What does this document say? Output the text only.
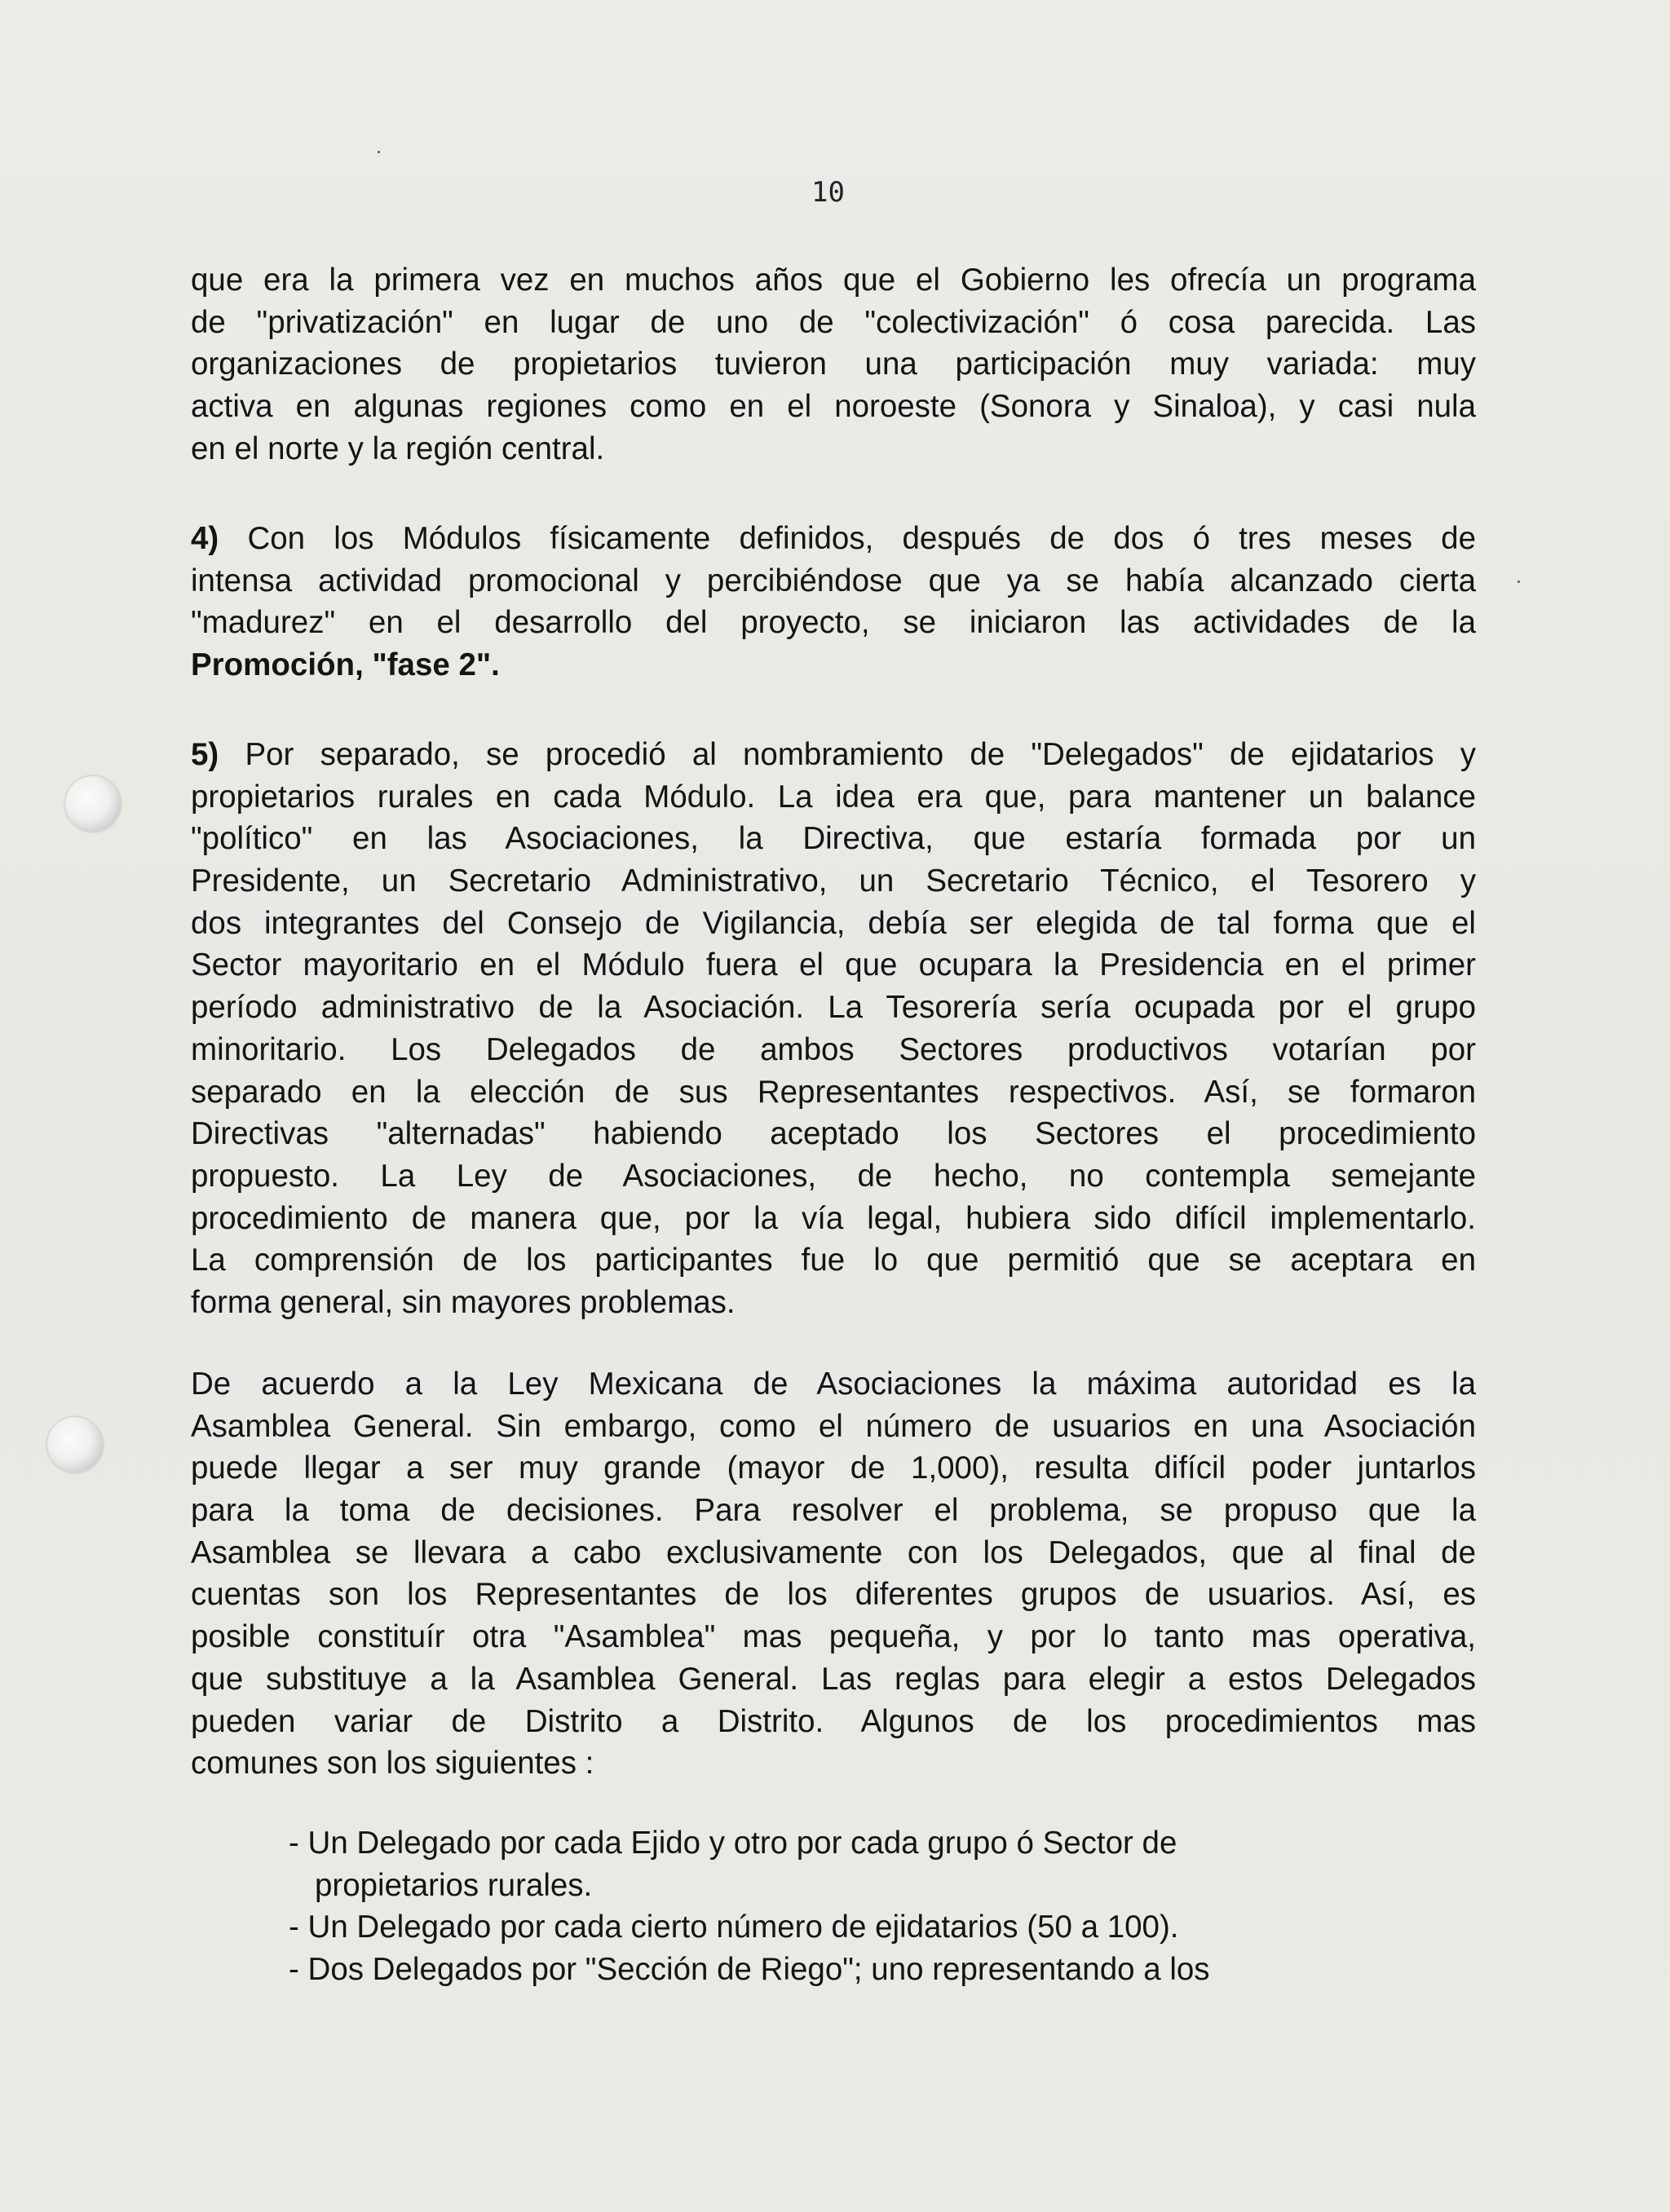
10
que era la primera vez en muchos años que el Gobierno les ofrecía un programa
de "privatización" en lugar de uno de "colectivización" ó cosa parecida. Las
organizaciones de propietarios tuvieron una participación muy variada: muy
activa en algunas regiones como en el noroeste (Sonora y Sinaloa), y casi nula
en el norte y la región central.
4) Con los Módulos físicamente definidos, después de dos ó tres meses de
intensa actividad promocional y percibiéndose que ya se había alcanzado cierta
"madurez" en el desarrollo del proyecto, se iniciaron las actividades de la
Promoción, "fase 2".
5) Por separado, se procedió al nombramiento de "Delegados" de ejidatarios y
propietarios rurales en cada Módulo. La idea era que, para mantener un balance
"político" en las Asociaciones, la Directiva, que estaría formada por un
Presidente, un Secretario Administrativo, un Secretario Técnico, el Tesorero y
dos integrantes del Consejo de Vigilancia, debía ser elegida de tal forma que el
Sector mayoritario en el Módulo fuera el que ocupara la Presidencia en el primer
período administrativo de la Asociación. La Tesorería sería ocupada por el grupo
minoritario. Los Delegados de ambos Sectores productivos votarían por
separado en la elección de sus Representantes respectivos. Así, se formaron
Directivas "alternadas" habiendo aceptado los Sectores el procedimiento
propuesto. La Ley de Asociaciones, de hecho, no contempla semejante
procedimiento de manera que, por la vía legal, hubiera sido difícil implementarlo.
La comprensión de los participantes fue lo que permitió que se aceptara en
forma general, sin mayores problemas.
De acuerdo a la Ley Mexicana de Asociaciones la máxima autoridad es la
Asamblea General. Sin embargo, como el número de usuarios en una Asociación
puede llegar a ser muy grande (mayor de 1,000), resulta difícil poder juntarlos
para la toma de decisiones. Para resolver el problema, se propuso que la
Asamblea se llevara a cabo exclusivamente con los Delegados, que al final de
cuentas son los Representantes de los diferentes grupos de usuarios. Así, es
posible constituír otra "Asamblea" mas pequeña, y por lo tanto mas operativa,
que substituye a la Asamblea General. Las reglas para elegir a estos Delegados
pueden variar de Distrito a Distrito. Algunos de los procedimientos mas
comunes son los siguientes :
- Un Delegado por cada Ejido y otro por cada grupo ó Sector de
propietarios rurales.
- Un Delegado por cada cierto número de ejidatarios (50 a 100).
- Dos Delegados por "Sección de Riego"; uno representando a los
